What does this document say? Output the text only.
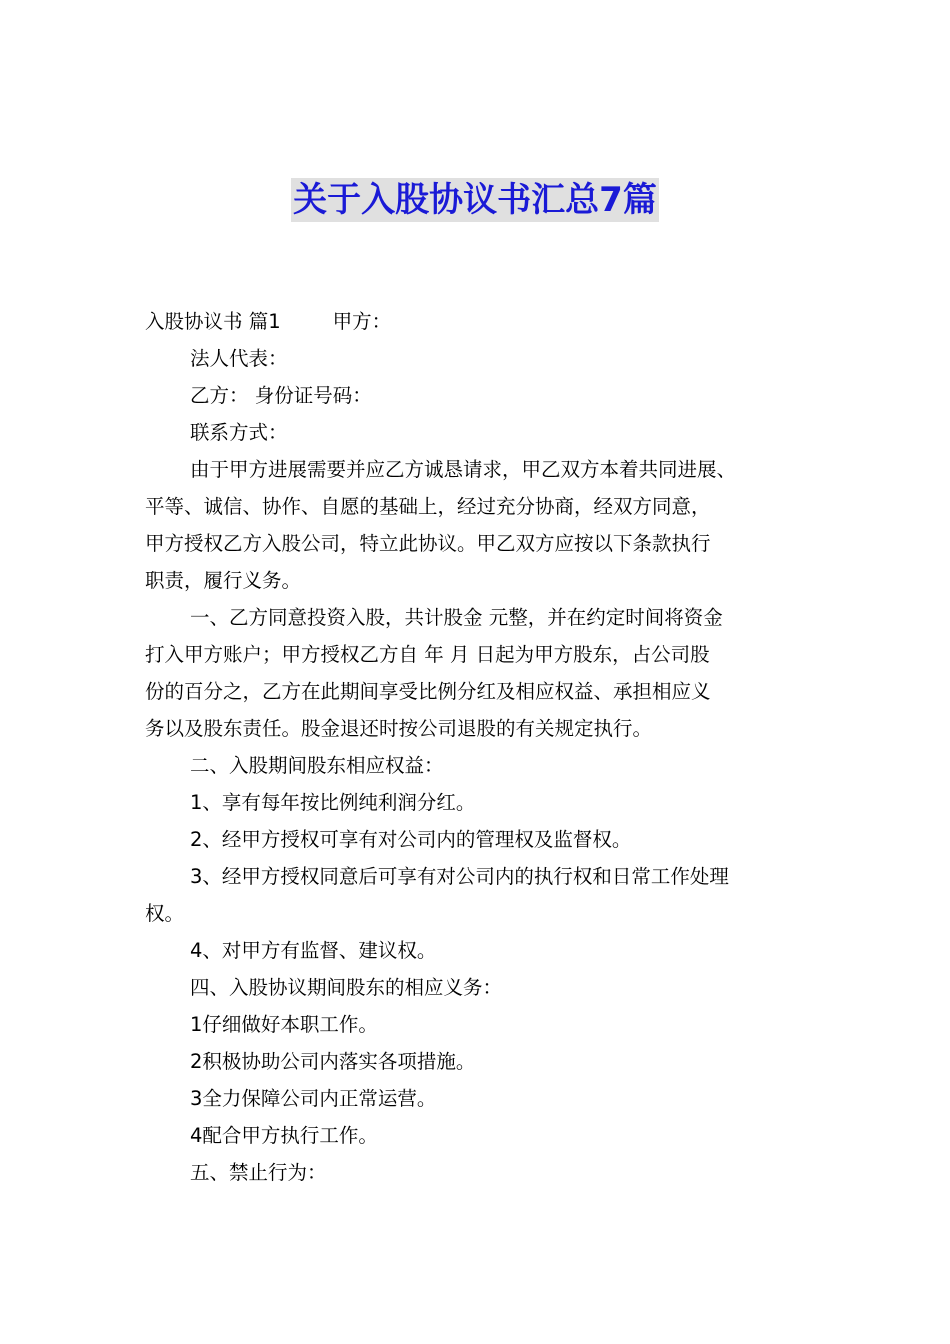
关于入股协议书汇总7篇
入股协议书 篇1	甲方：
法人代表：
乙方： 身份证号码：
联系方式：
由于甲方进展需要并应乙方诚恳请求，甲乙双方本着共同进展、
平等、诚信、协作、自愿的基础上，经过充分协商，经双方同意，
甲方授权乙方入股公司，特立此协议。甲乙双方应按以下条款执行
职责，履行义务。
一、乙方同意投资入股，共计股金 元整，并在约定时间将资金
打入甲方账户；甲方授权乙方自 年 月 日起为甲方股东，占公司股
份的百分之，乙方在此期间享受比例分红及相应权益、承担相应义
务以及股东责任。股金退还时按公司退股的有关规定执行。
二、入股期间股东相应权益：
1、享有每年按比例纯利润分红。
2、经甲方授权可享有对公司内的管理权及监督权。
3、经甲方授权同意后可享有对公司内的执行权和日常工作处理
权。
4、对甲方有监督、建议权。
四、入股协议期间股东的相应义务：
1仔细做好本职工作。
2积极协助公司内落实各项措施。
3全力保障公司内正常运营。
4配合甲方执行工作。
五、禁止行为：
